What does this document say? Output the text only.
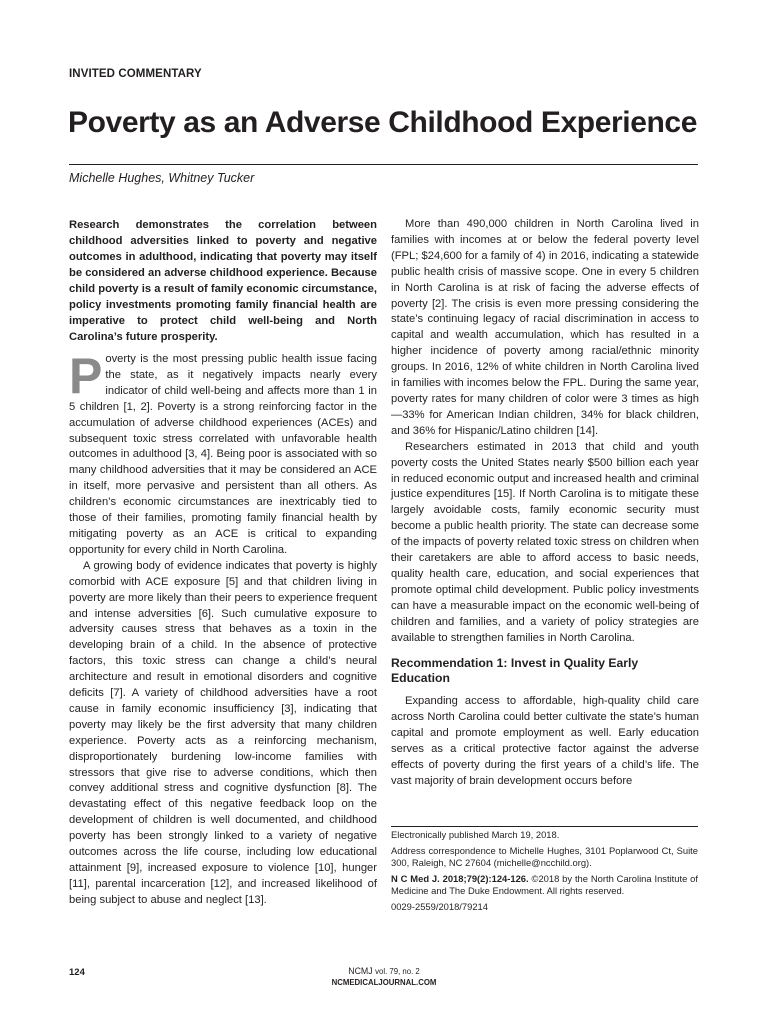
INVITED COMMENTARY
Poverty as an Adverse Childhood Experience
Michelle Hughes, Whitney Tucker

Research demonstrates the correlation between childhood adversities linked to poverty and negative outcomes in adulthood, indicating that poverty may itself be considered an adverse childhood experience. Because child poverty is a result of family economic circumstance, policy investments promoting family financial health are imperative to protect child well-being and North Carolina’s future prosperity.

Poverty is the most pressing public health issue facing the state, as it negatively impacts nearly every indicator of child well-being and affects more than 1 in 5 children [1, 2]. Poverty is a strong reinforcing factor in the accumulation of adverse childhood experiences (ACEs) and subsequent toxic stress correlated with unfavorable health outcomes in adulthood [3, 4]. Being poor is associated with so many childhood adversities that it may be considered an ACE in itself, more pervasive and persistent than all others. As children’s economic circumstances are inextricably tied to those of their families, promoting family financial health by mitigating poverty as an ACE is critical to expanding opportunity for every child in North Carolina.

A growing body of evidence indicates that poverty is highly comorbid with ACE exposure [5] and that children living in poverty are more likely than their peers to experience frequent and intense adversities [6]. Such cumulative exposure to adversity causes stress that behaves as a toxin in the developing brain of a child. In the absence of protective factors, this toxic stress can change a child’s neural architecture and result in emotional disorders and cognitive deficits [7]. A variety of childhood adversities have a root cause in family economic insufficiency [3], indicating that poverty may likely be the first adversity that many children experience. Poverty acts as a reinforcing mechanism, disproportionately burdening low-income families with stressors that give rise to adverse conditions, which then convey additional stress and cognitive dysfunction [8]. The devastating effect of this negative feedback loop on the development of children is well documented, and childhood poverty has been strongly linked to a variety of negative outcomes across the life course, including low educational attainment [9], increased exposure to violence [10], hunger [11], parental incarceration [12], and increased likelihood of being subject to abuse and neglect [13].

More than 490,000 children in North Carolina lived in families with incomes at or below the federal poverty level (FPL; $24,600 for a family of 4) in 2016, indicating a statewide public health crisis of massive scope. One in every 5 children in North Carolina is at risk of facing the adverse effects of poverty [2]. The crisis is even more pressing considering the state’s continuing legacy of racial discrimination in access to capital and wealth accumulation, which has resulted in a higher incidence of poverty among racial/ethnic minority groups. In 2016, 12% of white children in North Carolina lived in families with incomes below the FPL. During the same year, poverty rates for many children of color were 3 times as high—33% for American Indian children, 34% for black children, and 36% for Hispanic/Latino children [14].

Researchers estimated in 2013 that child and youth poverty costs the United States nearly $500 billion each year in reduced economic output and increased health and criminal justice expenditures [15]. If North Carolina is to mitigate these largely avoidable costs, family economic security must become a public health priority. The state can decrease some of the impacts of poverty related toxic stress on children when their caretakers are able to afford access to basic needs, quality health care, education, and social experiences that promote optimal child development. Public policy investments can have a measurable impact on the economic well-being of children and families, and a variety of policy strategies are available to strengthen families in North Carolina.

Recommendation 1: Invest in Quality Early Education

Expanding access to affordable, high-quality child care across North Carolina could better cultivate the state’s human capital and promote employment as well. Early education serves as a critical protective factor against the adverse effects of poverty during the first years of a child’s life. The vast majority of brain development occurs before

Electronically published March 19, 2018.

Address correspondence to Michelle Hughes, 3101 Poplarwood Ct, Suite 300, Raleigh, NC 27604 (michelle@ncchild.org).

N C Med J. 2018;79(2):124-126. ©2018 by the North Carolina Institute of Medicine and The Duke Endowment. All rights reserved.

0029-2559/2018/79214

124	NCMJ vol. 79, no. 2
NCMEDICALJOURNAL.COM
